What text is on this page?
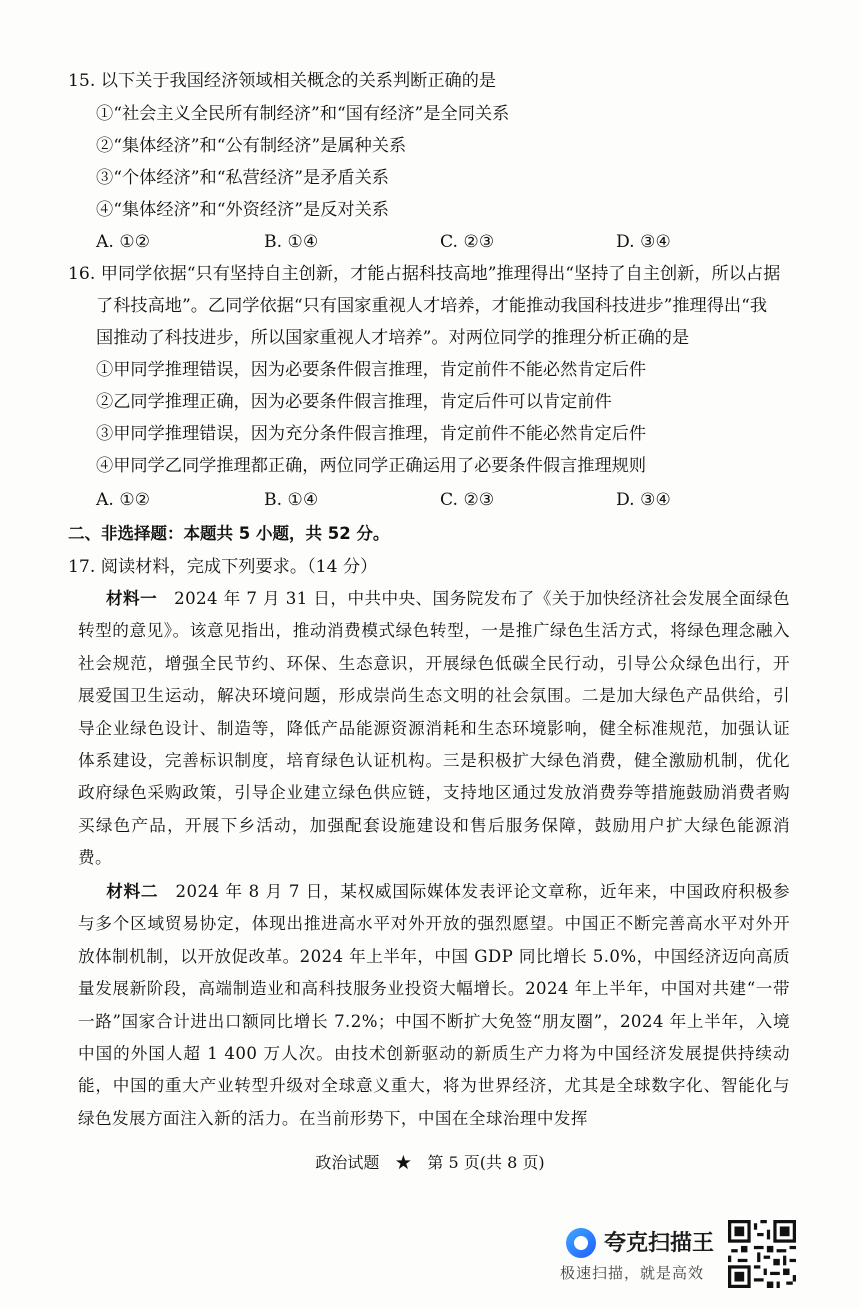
15. 以下关于我国经济领域相关概念的关系判断正确的是
①“社会主义全民所有制经济”和“国有经济”是全同关系
②“集体经济”和“公有制经济”是属种关系
③“个体经济”和“私营经济”是矛盾关系
④“集体经济”和“外资经济”是反对关系
A. ①②	B. ①④	C. ②③	D. ③④
16. 甲同学依据“只有坚持自主创新，才能占据科技高地”推理得出“坚持了自主创新，所以占据
了科技高地”。乙同学依据“只有国家重视人才培养，才能推动我国科技进步”推理得出“我
国推动了科技进步，所以国家重视人才培养”。对两位同学的推理分析正确的是
①甲同学推理错误，因为必要条件假言推理，肯定前件不能必然肯定后件
②乙同学推理正确，因为必要条件假言推理，肯定后件可以肯定前件
③甲同学推理错误，因为充分条件假言推理，肯定前件不能必然肯定后件
④甲同学乙同学推理都正确，两位同学正确运用了必要条件假言推理规则
A. ①②	B. ①④	C. ②③	D. ③④
二、非选择题：本题共 5 小题，共 52 分。
17. 阅读材料，完成下列要求。（14 分）
材料一　2024 年 7 月 31 日，中共中央、国务院发布了《关于加快经济社会发展全面绿色转型的意见》。该意见指出，推动消费模式绿色转型，一是推广绿色生活方式，将绿色理念融入社会规范，增强全民节约、环保、生态意识，开展绿色低碳全民行动，引导公众绿色出行，开展爱国卫生运动，解决环境问题，形成崇尚生态文明的社会氛围。二是加大绿色产品供给，引导企业绿色设计、制造等，降低产品能源资源消耗和生态环境影响，健全标准规范，加强认证体系建设，完善标识制度，培育绿色认证机构。三是积极扩大绿色消费，健全激励机制，优化政府绿色采购政策，引导企业建立绿色供应链，支持地区通过发放消费券等措施鼓励消费者购买绿色产品，开展下乡活动，加强配套设施建设和售后服务保障，鼓励用户扩大绿色能源消费。
材料二　2024 年 8 月 7 日，某权威国际媒体发表评论文章称，近年来，中国政府积极参与多个区域贸易协定，体现出推进高水平对外开放的强烈愿望。中国正不断完善高水平对外开放体制机制，以开放促改革。2024 年上半年，中国 GDP 同比增长 5.0%，中国经济迈向高质量发展新阶段，高端制造业和高科技服务业投资大幅增长。2024 年上半年，中国对共建“一带一路”国家合计进出口额同比增长 7.2%；中国不断扩大免签“朋友圈”，2024 年上半年，入境中国的外国人超 1 400 万人次。由技术创新驱动的新质生产力将为中国经济发展提供持续动能，中国的重大产业转型升级对全球意义重大，将为世界经济，尤其是全球数字化、智能化与绿色发展方面注入新的活力。在当前形势下，中国在全球治理中发挥
政治试题　★　第 5 页(共 8 页)
夸克扫描王
极速扫描，就是高效
